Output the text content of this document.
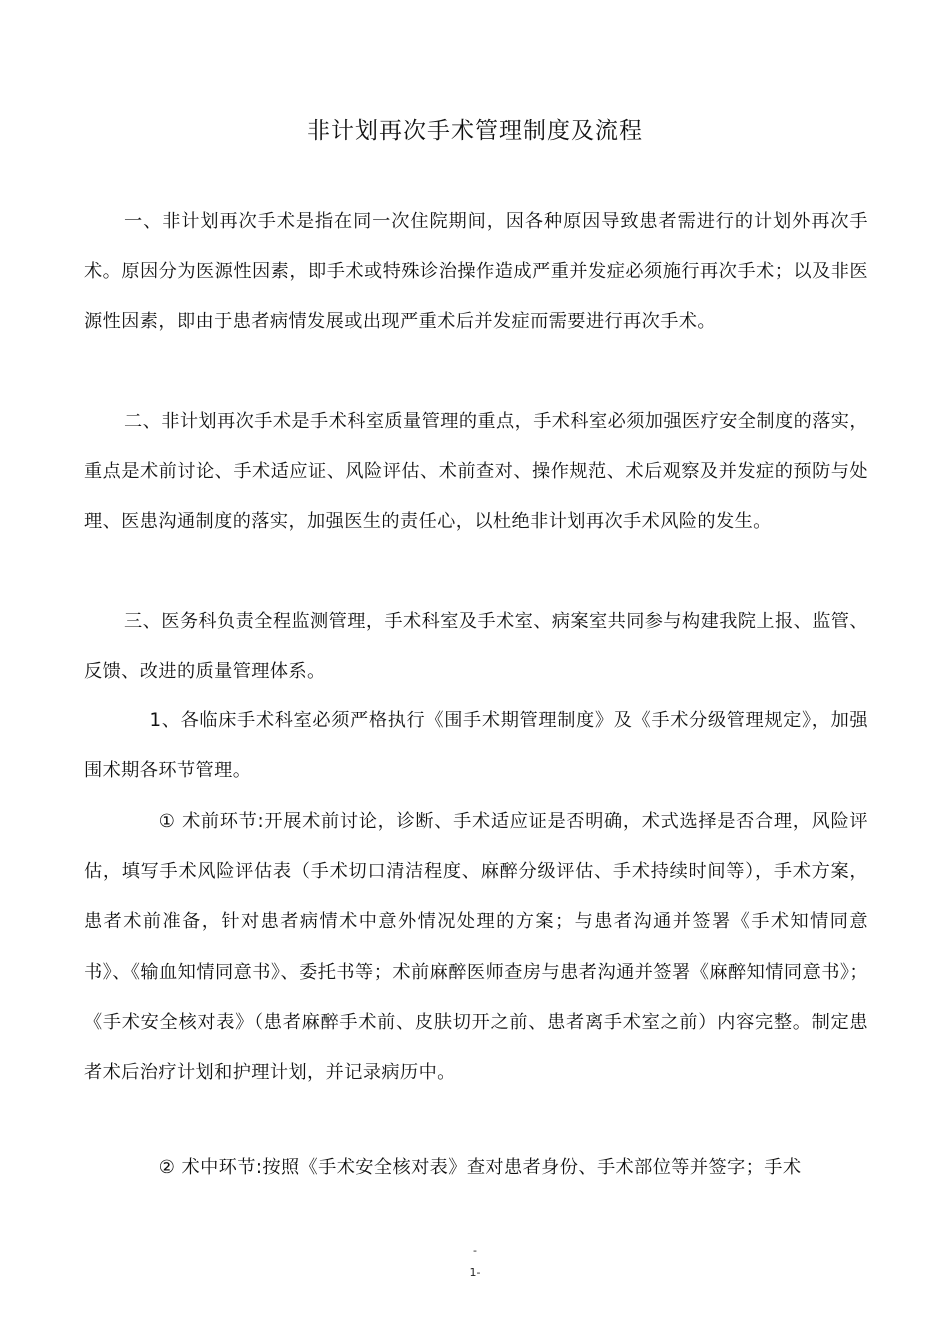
非计划再次手术管理制度及流程

一、非计划再次手术是指在同一次住院期间，因各种原因导致患者需进行的计划外再次手术。原因分为医源性因素，即手术或特殊诊治操作造成严重并发症必须施行再次手术；以及非医源性因素，即由于患者病情发展或出现严重术后并发症而需要进行再次手术。

二、非计划再次手术是手术科室质量管理的重点，手术科室必须加强医疗安全制度的落实，重点是术前讨论、手术适应证、风险评估、术前查对、操作规范、术后观察及并发症的预防与处理、医患沟通制度的落实，加强医生的责任心，以杜绝非计划再次手术风险的发生。

三、医务科负责全程监测管理，手术科室及手术室、病案室共同参与构建我院上报、监管、反馈、改进的质量管理体系。

1、各临床手术科室必须严格执行《围手术期管理制度》及《手术分级管理规定》，加强围术期各环节管理。

① 术前环节:开展术前讨论，诊断、手术适应证是否明确，术式选择是否合理，风险评估，填写手术风险评估表（手术切口清洁程度、麻醉分级评估、手术持续时间等），手术方案，患者术前准备，针对患者病情术中意外情况处理的方案；与患者沟通并签署《手术知情同意书》、《输血知情同意书》、委托书等；术前麻醉医师查房与患者沟通并签署《麻醉知情同意书》；《手术安全核对表》（患者麻醉手术前、皮肤切开之前、患者离手术室之前）内容完整。制定患者术后治疗计划和护理计划，并记录病历中。

② 术中环节:按照《手术安全核对表》查对患者身份、手术部位等并签字；手术

-
1-
